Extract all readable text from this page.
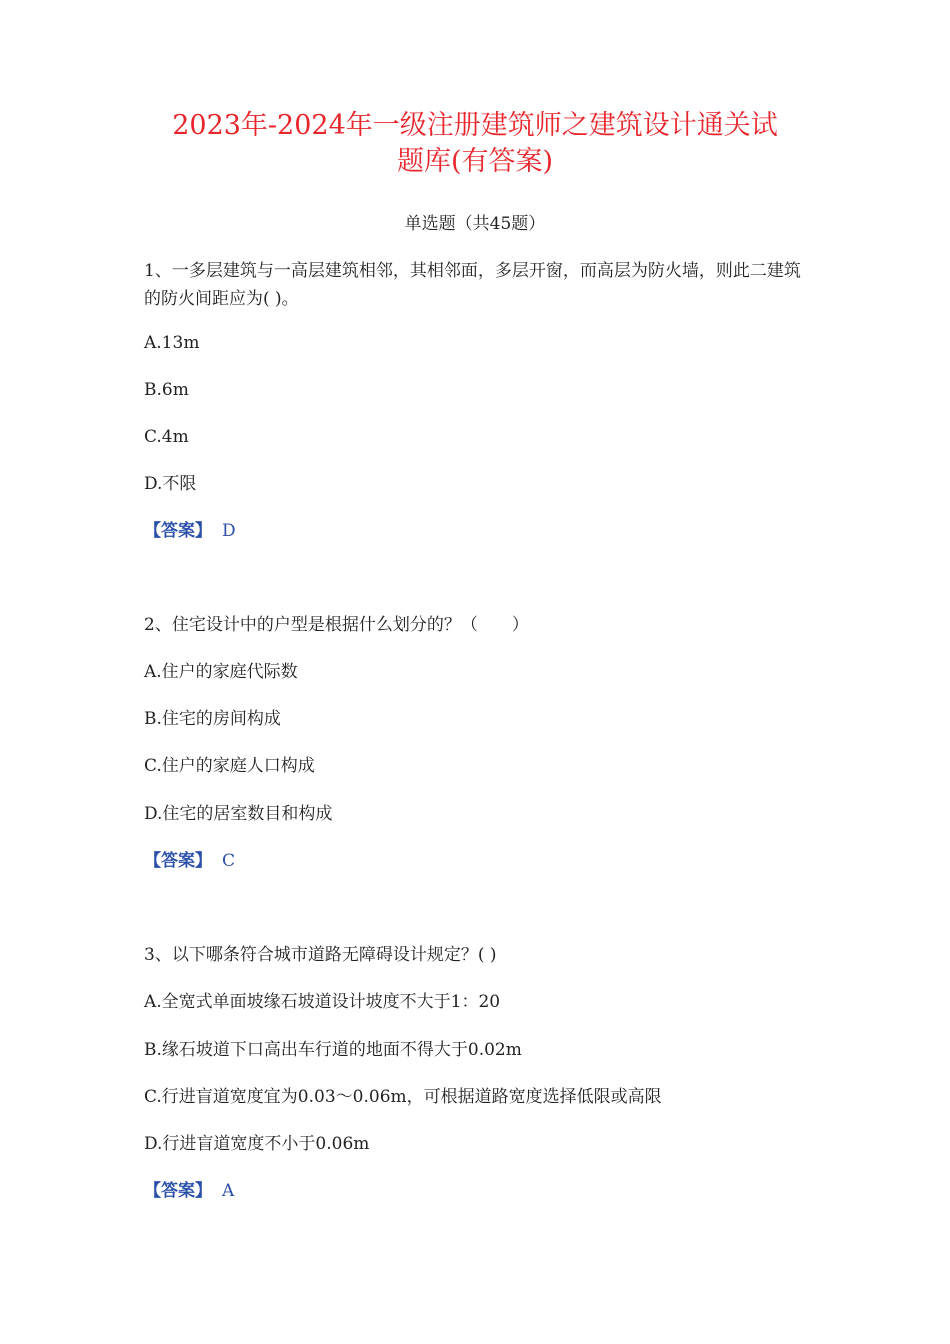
2023年-2024年一级注册建筑师之建筑设计通关试
题库(有答案)
单选题（共45题）
1、一多层建筑与一高层建筑相邻，其相邻面，多层开窗，而高层为防火墙，则此二建筑的防火间距应为( )。
A.13m
B.6m
C.4m
D.不限
【答案】 D
2、住宅设计中的户型是根据什么划分的？（　　）
A.住户的家庭代际数
B.住宅的房间构成
C.住户的家庭人口构成
D.住宅的居室数目和构成
【答案】 C
3、以下哪条符合城市道路无障碍设计规定？( )
A.全宽式单面坡缘石坡道设计坡度不大于1：20
B.缘石坡道下口高出车行道的地面不得大于0.02m
C.行进盲道宽度宜为0.03～0.06m，可根据道路宽度选择低限或高限
D.行进盲道宽度不小于0.06m
【答案】 A
